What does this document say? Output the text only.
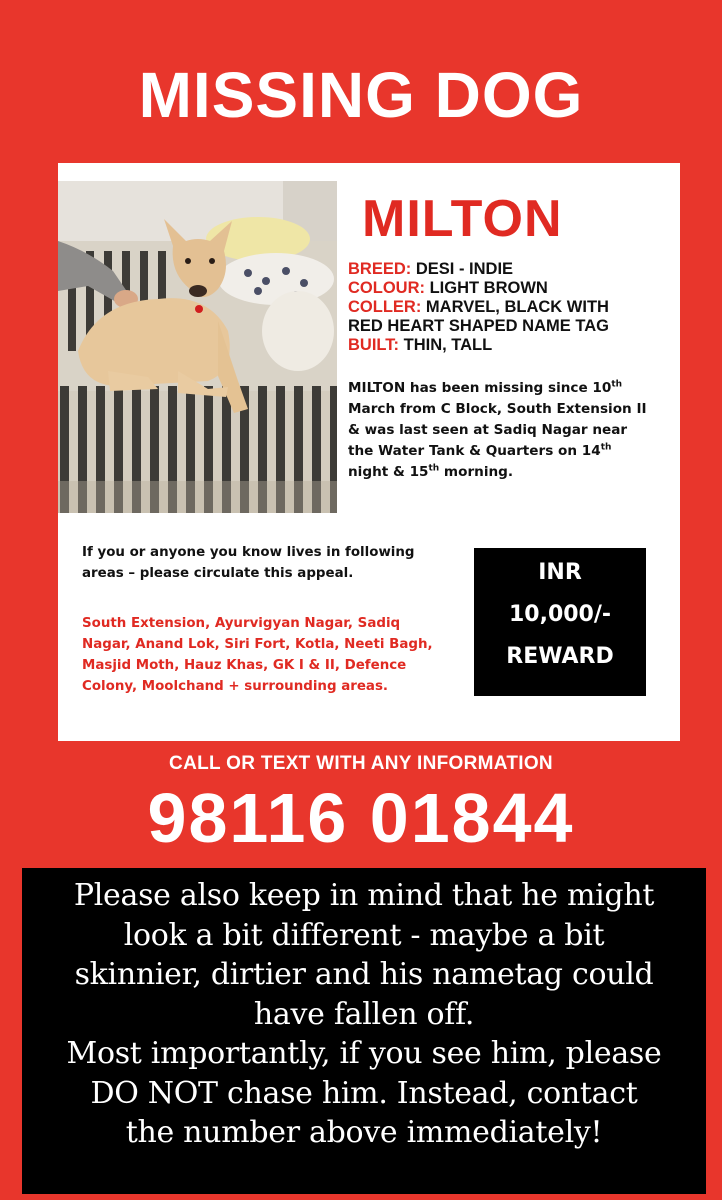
MISSING DOG
MILTON
BREED: DESI - INDIE
COLOUR: LIGHT BROWN
COLLER: MARVEL, BLACK WITH
RED HEART SHAPED NAME TAG
BUILT: THIN, TALL
MILTON has been missing since 10th
March from C Block, South Extension II
& was last seen at Sadiq Nagar near
the Water Tank & Quarters on 14th
night & 15th morning.
If you or anyone you know lives in following
areas – please circulate this appeal.
South Extension, Ayurvigyan Nagar, Sadiq
Nagar, Anand Lok, Siri Fort, Kotla, Neeti Bagh,
Masjid Moth, Hauz Khas, GK I & II, Defence
Colony, Moolchand + surrounding areas.
INR
10,000/-
REWARD
CALL OR TEXT WITH ANY INFORMATION
98116 01844
Please also keep in mind that he might
look a bit different - maybe a bit
skinnier, dirtier and his nametag could
have fallen off.
Most importantly, if you see him, please
DO NOT chase him. Instead, contact
the number above immediately!
